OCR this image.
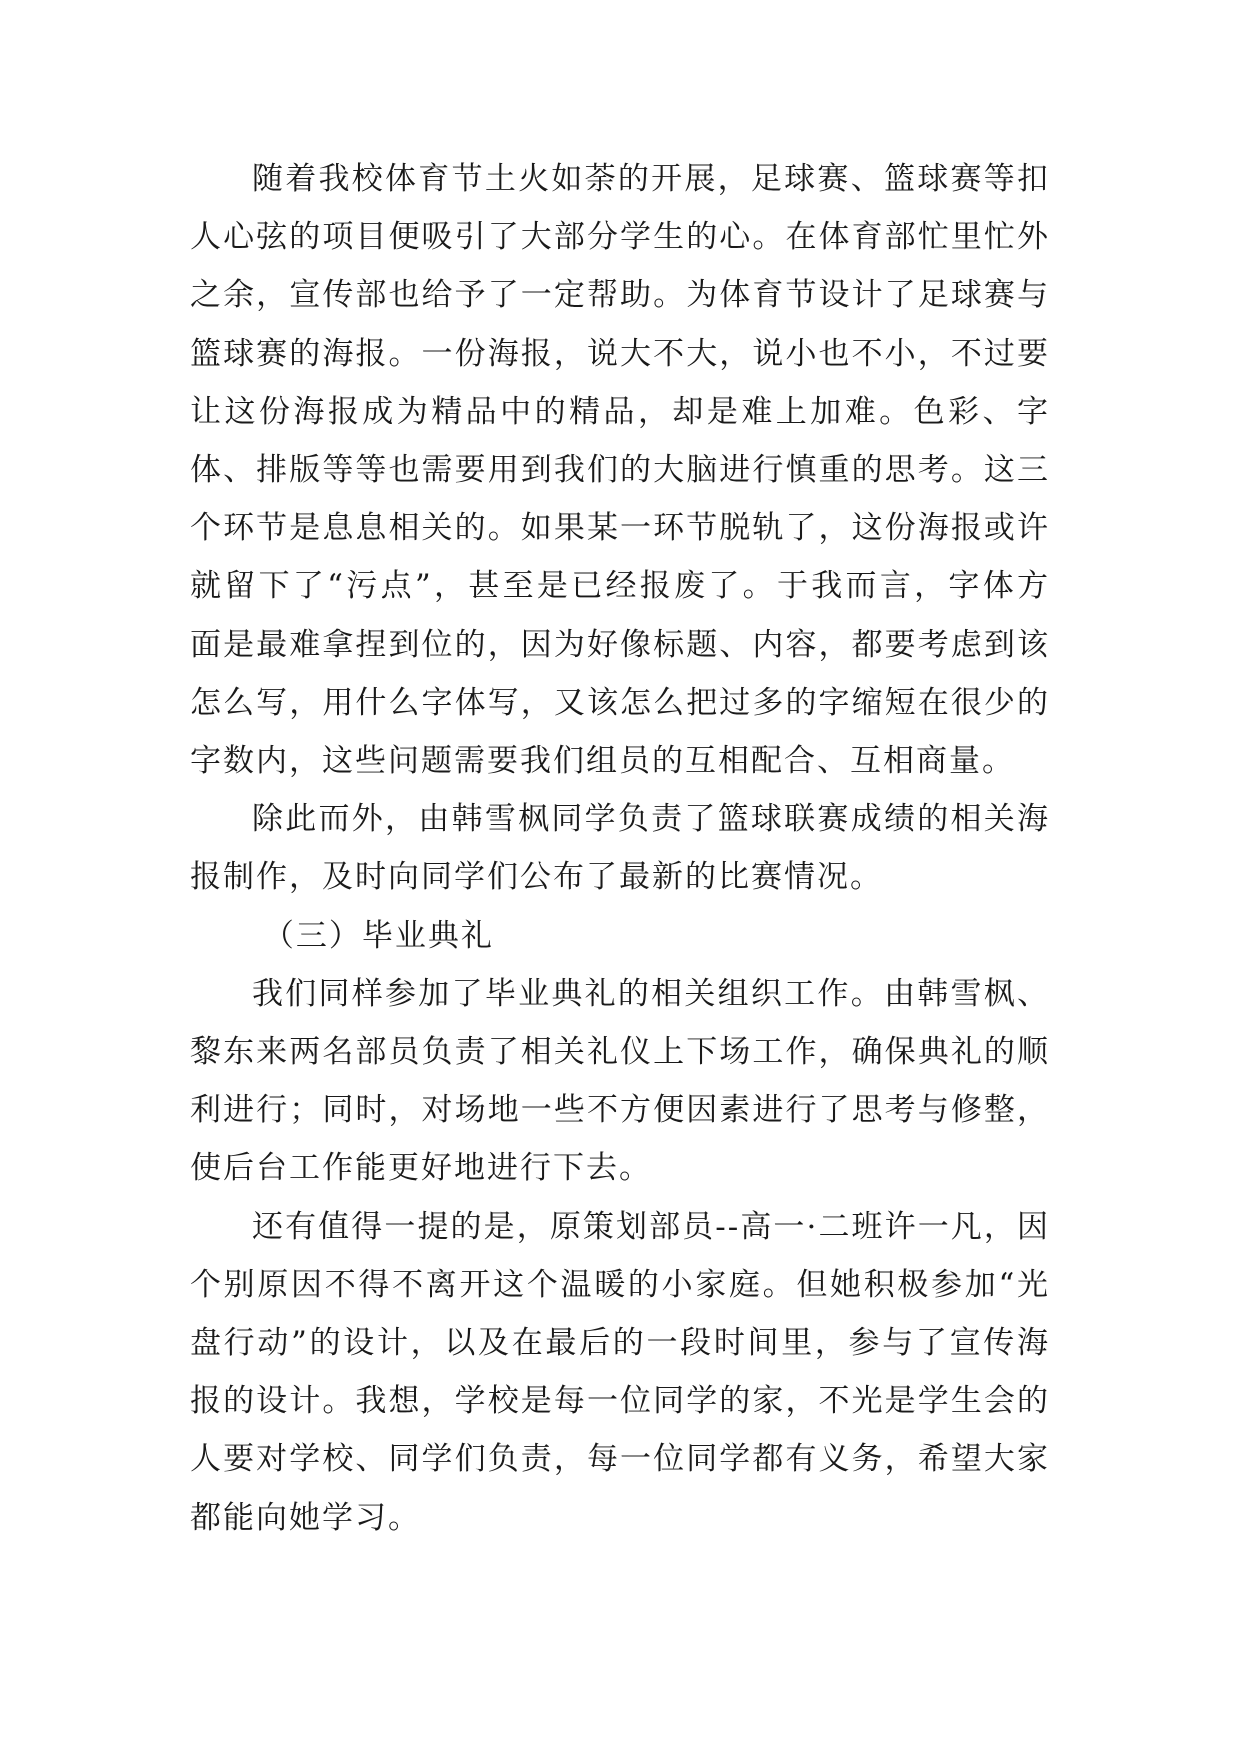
随着我校体育节土火如荼的开展，足球赛、篮球赛等扣人心弦的项目便吸引了大部分学生的心。在体育部忙里忙外之余，宣传部也给予了一定帮助。为体育节设计了足球赛与篮球赛的海报。一份海报，说大不大，说小也不小，不过要让这份海报成为精品中的精品，却是难上加难。色彩、字体、排版等等也需要用到我们的大脑进行慎重的思考。这三个环节是息息相关的。如果某一环节脱轨了，这份海报或许就留下了“污点”，甚至是已经报废了。于我而言，字体方面是最难拿捏到位的，因为好像标题、内容，都要考虑到该怎么写，用什么字体写，又该怎么把过多的字缩短在很少的字数内，这些问题需要我们组员的互相配合、互相商量。

除此而外，由韩雪枫同学负责了篮球联赛成绩的相关海报制作，及时向同学们公布了最新的比赛情况。

（三）毕业典礼

我们同样参加了毕业典礼的相关组织工作。由韩雪枫、黎东来两名部员负责了相关礼仪上下场工作，确保典礼的顺利进行；同时，对场地一些不方便因素进行了思考与修整，使后台工作能更好地进行下去。

还有值得一提的是，原策划部员--高一·二班许一凡，因个别原因不得不离开这个温暖的小家庭。但她积极参加“光盘行动”的设计，以及在最后的一段时间里，参与了宣传海报的设计。我想，学校是每一位同学的家，不光是学生会的人要对学校、同学们负责，每一位同学都有义务，希望大家都能向她学习。
